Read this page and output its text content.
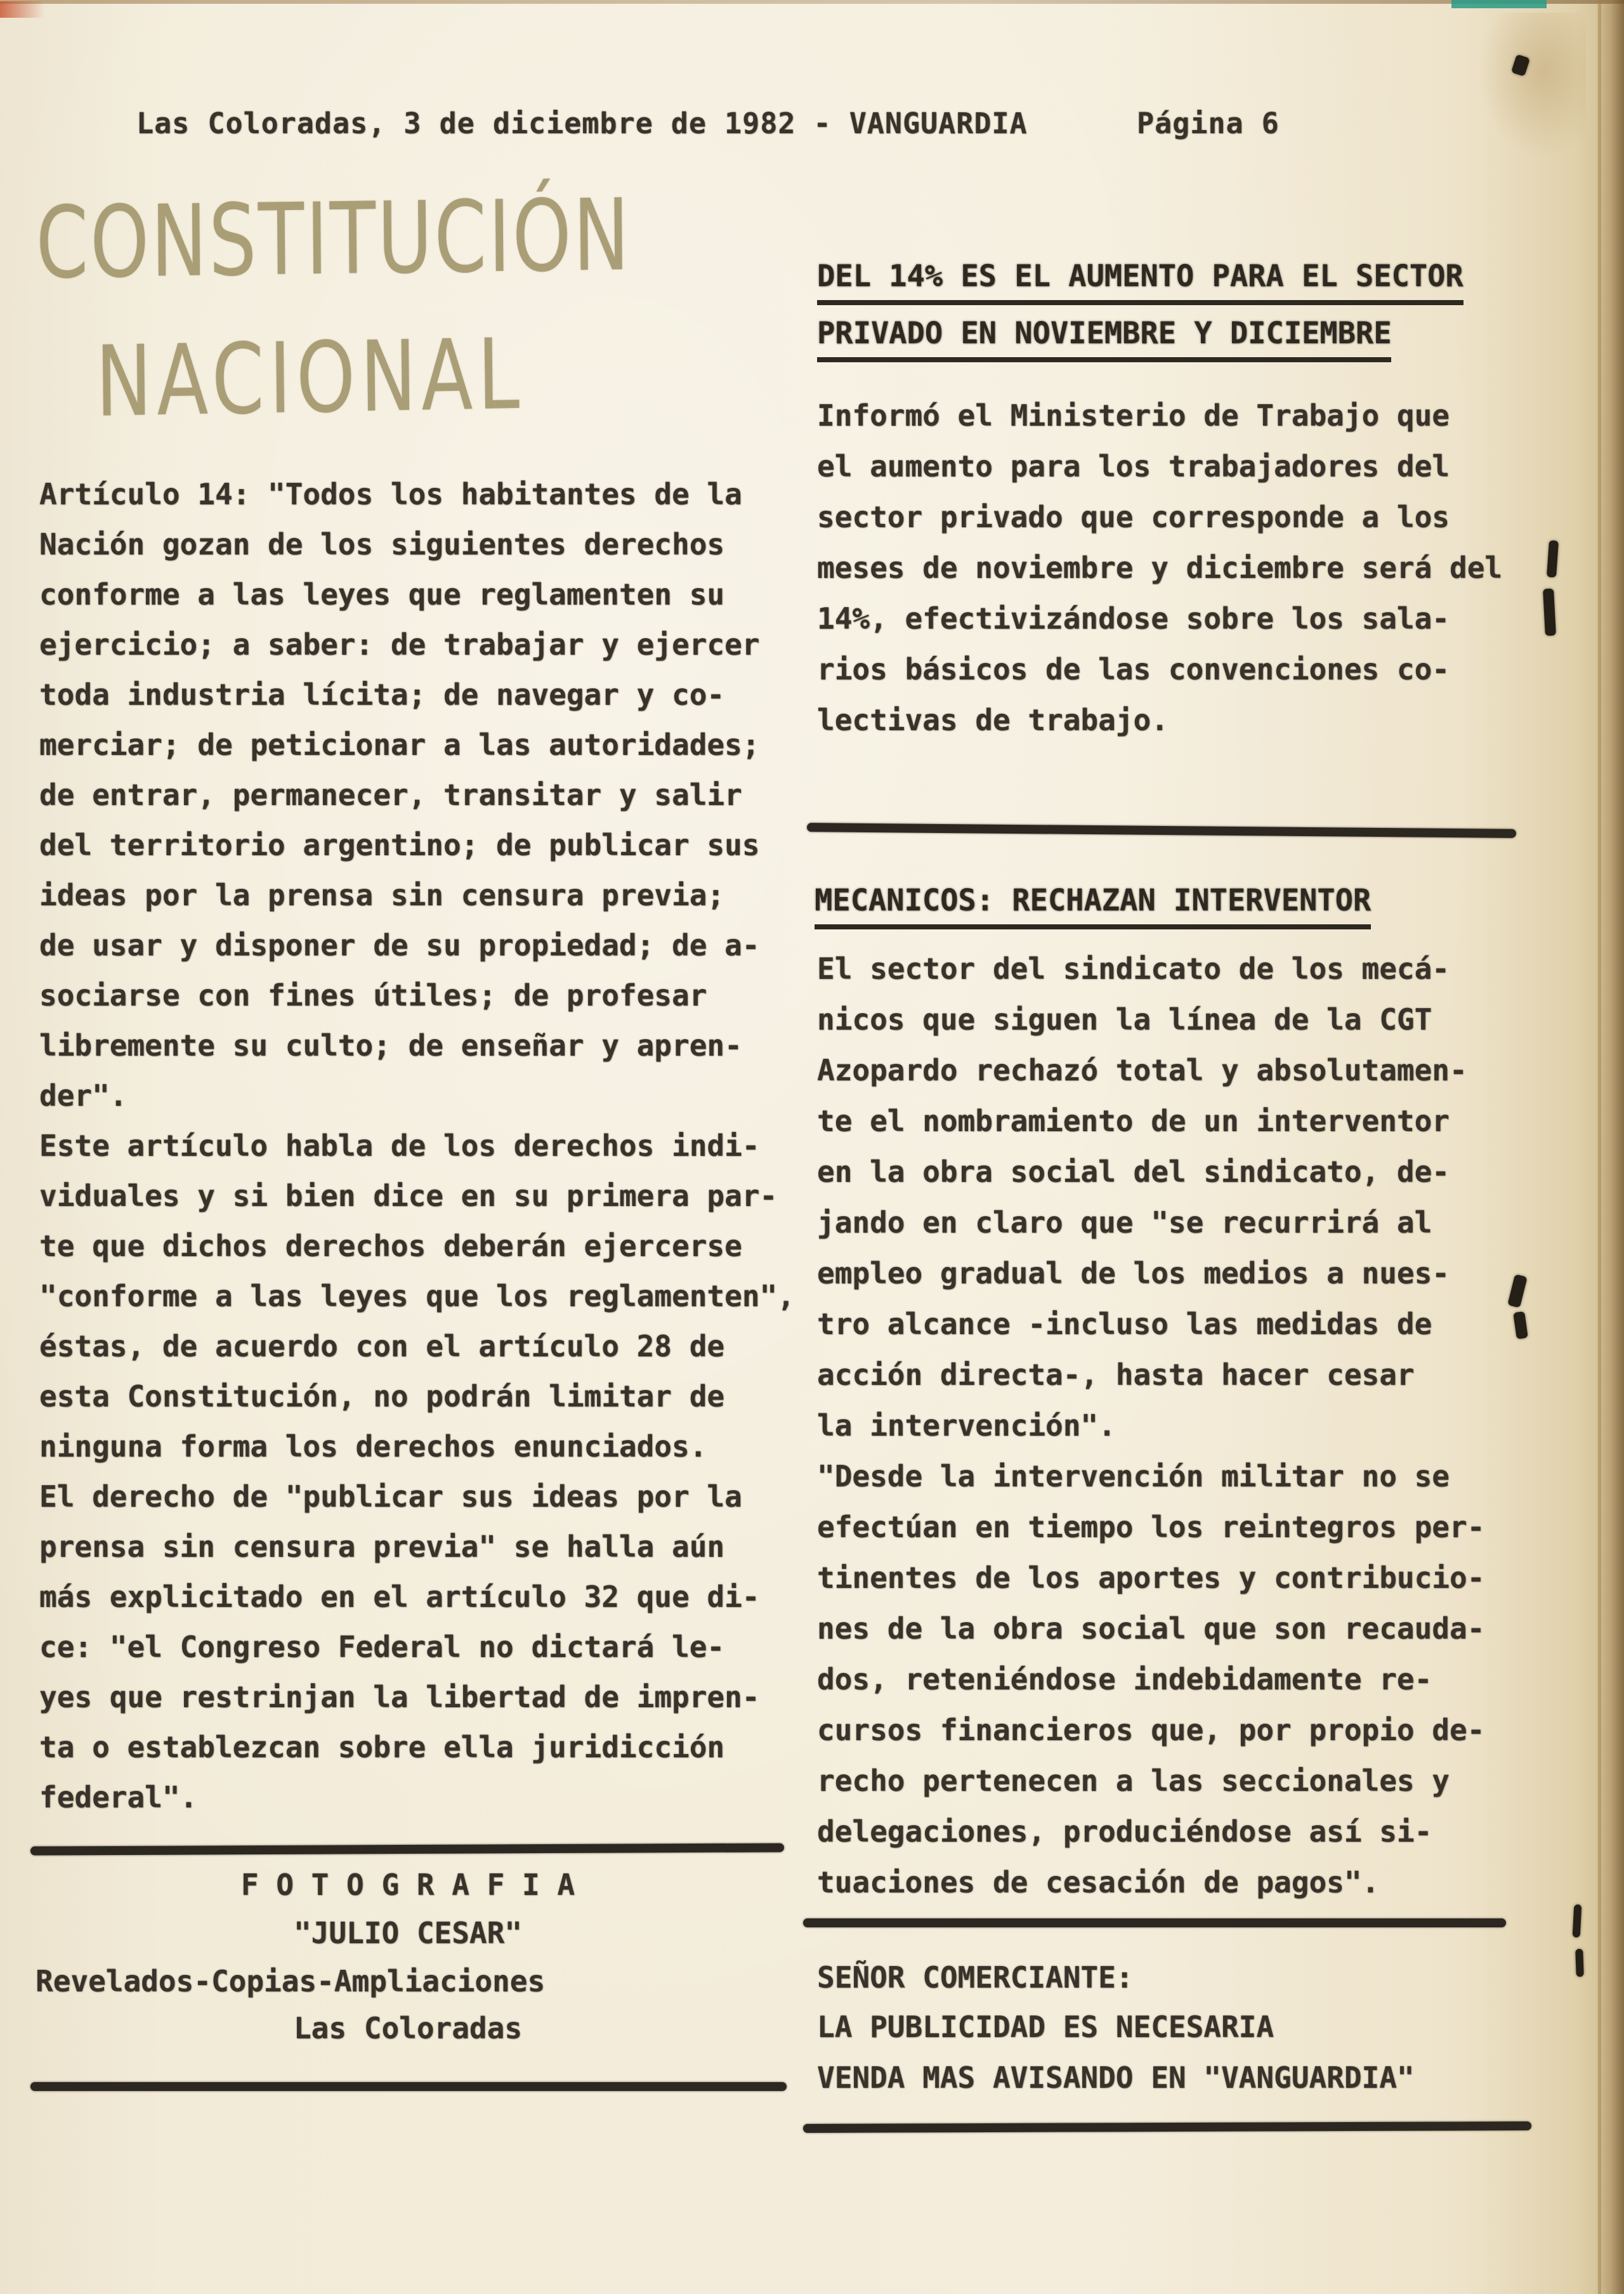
Las Coloradas, 3 de diciembre de 1982 - VANGUARDIA	Página 6
CONSTITUCIÓN
NACIONAL
Artículo 14: "Todos los habitantes de la
Nación gozan de los siguientes derechos
conforme a las leyes que reglamenten su
ejercicio; a saber: de trabajar y ejercer
toda industria lícita; de navegar y co-
merciar; de peticionar a las autoridades;
de entrar, permanecer, transitar y salir
del territorio argentino; de publicar sus
ideas por la prensa sin censura previa;
de usar y disponer de su propiedad; de a-
sociarse con fines útiles; de profesar
libremente su culto; de enseñar y apren-
der".
Este artículo habla de los derechos indi-
viduales y si bien dice en su primera par-
te que dichos derechos deberán ejercerse
"conforme a las leyes que los reglamenten",
éstas, de acuerdo con el artículo 28 de
esta Constitución, no podrán limitar de
ninguna forma los derechos enunciados.
El derecho de "publicar sus ideas por la
prensa sin censura previa" se halla aún
más explicitado en el artículo 32 que di-
ce: "el Congreso Federal no dictará le-
yes que restrinjan la libertad de impren-
ta o establezcan sobre ella juridicción
federal".
F O T O G R A F I A
"JULIO CESAR"
Revelados-Copias-Ampliaciones
Las Coloradas
DEL 14% ES EL AUMENTO PARA EL SECTOR
PRIVADO EN NOVIEMBRE Y DICIEMBRE
Informó el Ministerio de Trabajo que
el aumento para los trabajadores del
sector privado que corresponde a los
meses de noviembre y diciembre será del
14%, efectivizándose sobre los sala-
rios básicos de las convenciones co-
lectivas de trabajo.
MECANICOS: RECHAZAN INTERVENTOR
El sector del sindicato de los mecá-
nicos que siguen la línea de la CGT
Azopardo rechazó total y absolutamen-
te el nombramiento de un interventor
en la obra social del sindicato, de-
jando en claro que "se recurrirá al
empleo gradual de los medios a nues-
tro alcance -incluso las medidas de
acción directa-, hasta hacer cesar
la intervención".
"Desde la intervención militar no se
efectúan en tiempo los reintegros per-
tinentes de los aportes y contribucio-
nes de la obra social que son recauda-
dos, reteniéndose indebidamente re-
cursos financieros que, por propio de-
recho pertenecen a las seccionales y
delegaciones, produciéndose así si-
tuaciones de cesación de pagos".
SEÑOR COMERCIANTE:
LA PUBLICIDAD ES NECESARIA
VENDA MAS AVISANDO EN "VANGUARDIA"
